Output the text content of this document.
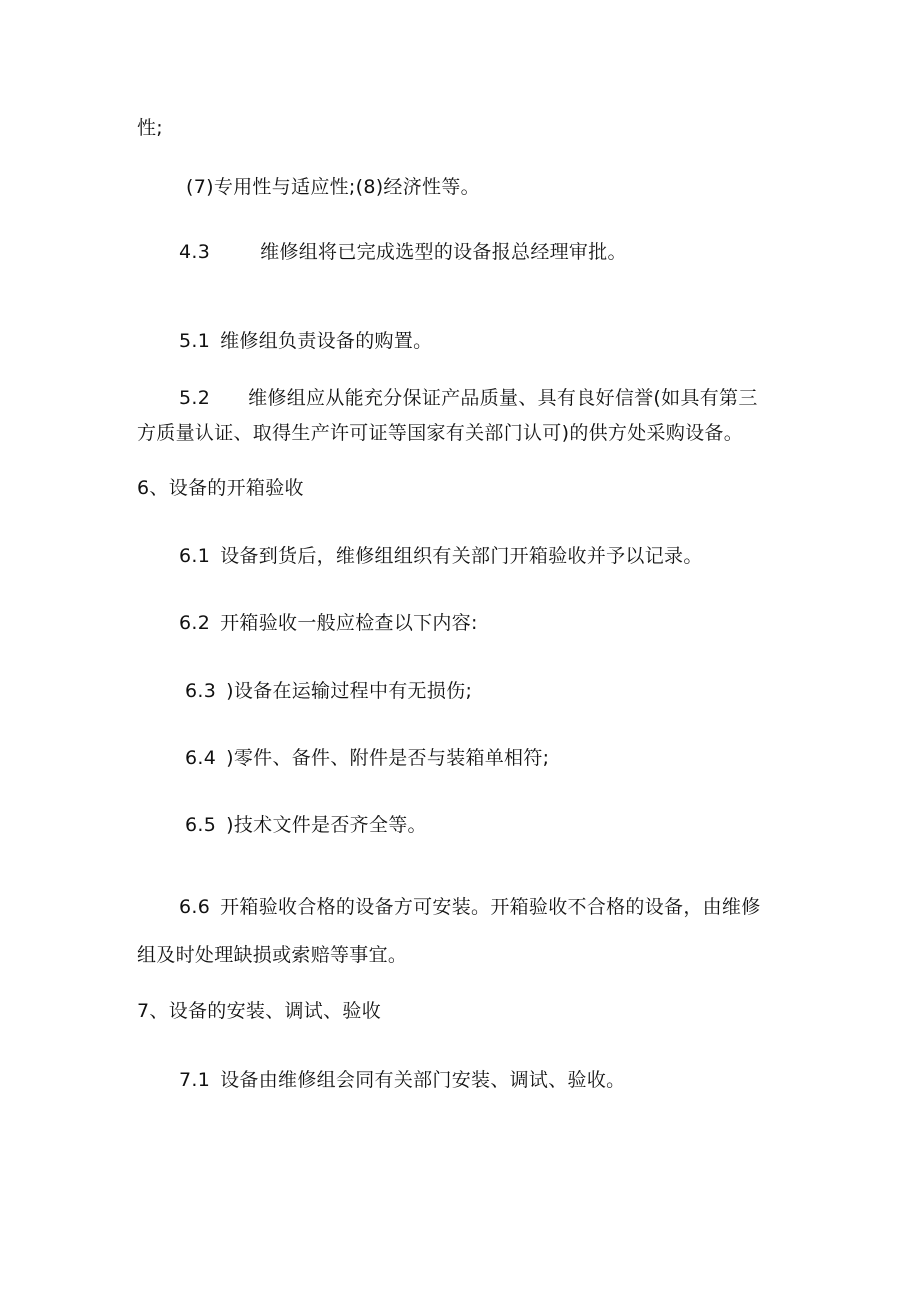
性;
(7)专用性与适应性;(8)经济性等。
4.3	维修组将已完成选型的设备报总经理审批。
5.1 维修组负责设备的购置。
5.2 维修组应从能充分保证产品质量、具有良好信誉(如具有第三
方质量认证、取得生产许可证等国家有关部门认可)的供方处采购设备。
6、设备的开箱验收
6.1 设备到货后，维修组组织有关部门开箱验收并予以记录。
6.2 开箱验收一般应检查以下内容:
6.3 )设备在运输过程中有无损伤;
6.4 )零件、备件、附件是否与装箱单相符;
6.5 )技术文件是否齐全等。
6.6 开箱验收合格的设备方可安装。开箱验收不合格的设备，由维修
组及时处理缺损或索赔等事宜。
7、设备的安装、调试、验收
7.1 设备由维修组会同有关部门安装、调试、验收。
